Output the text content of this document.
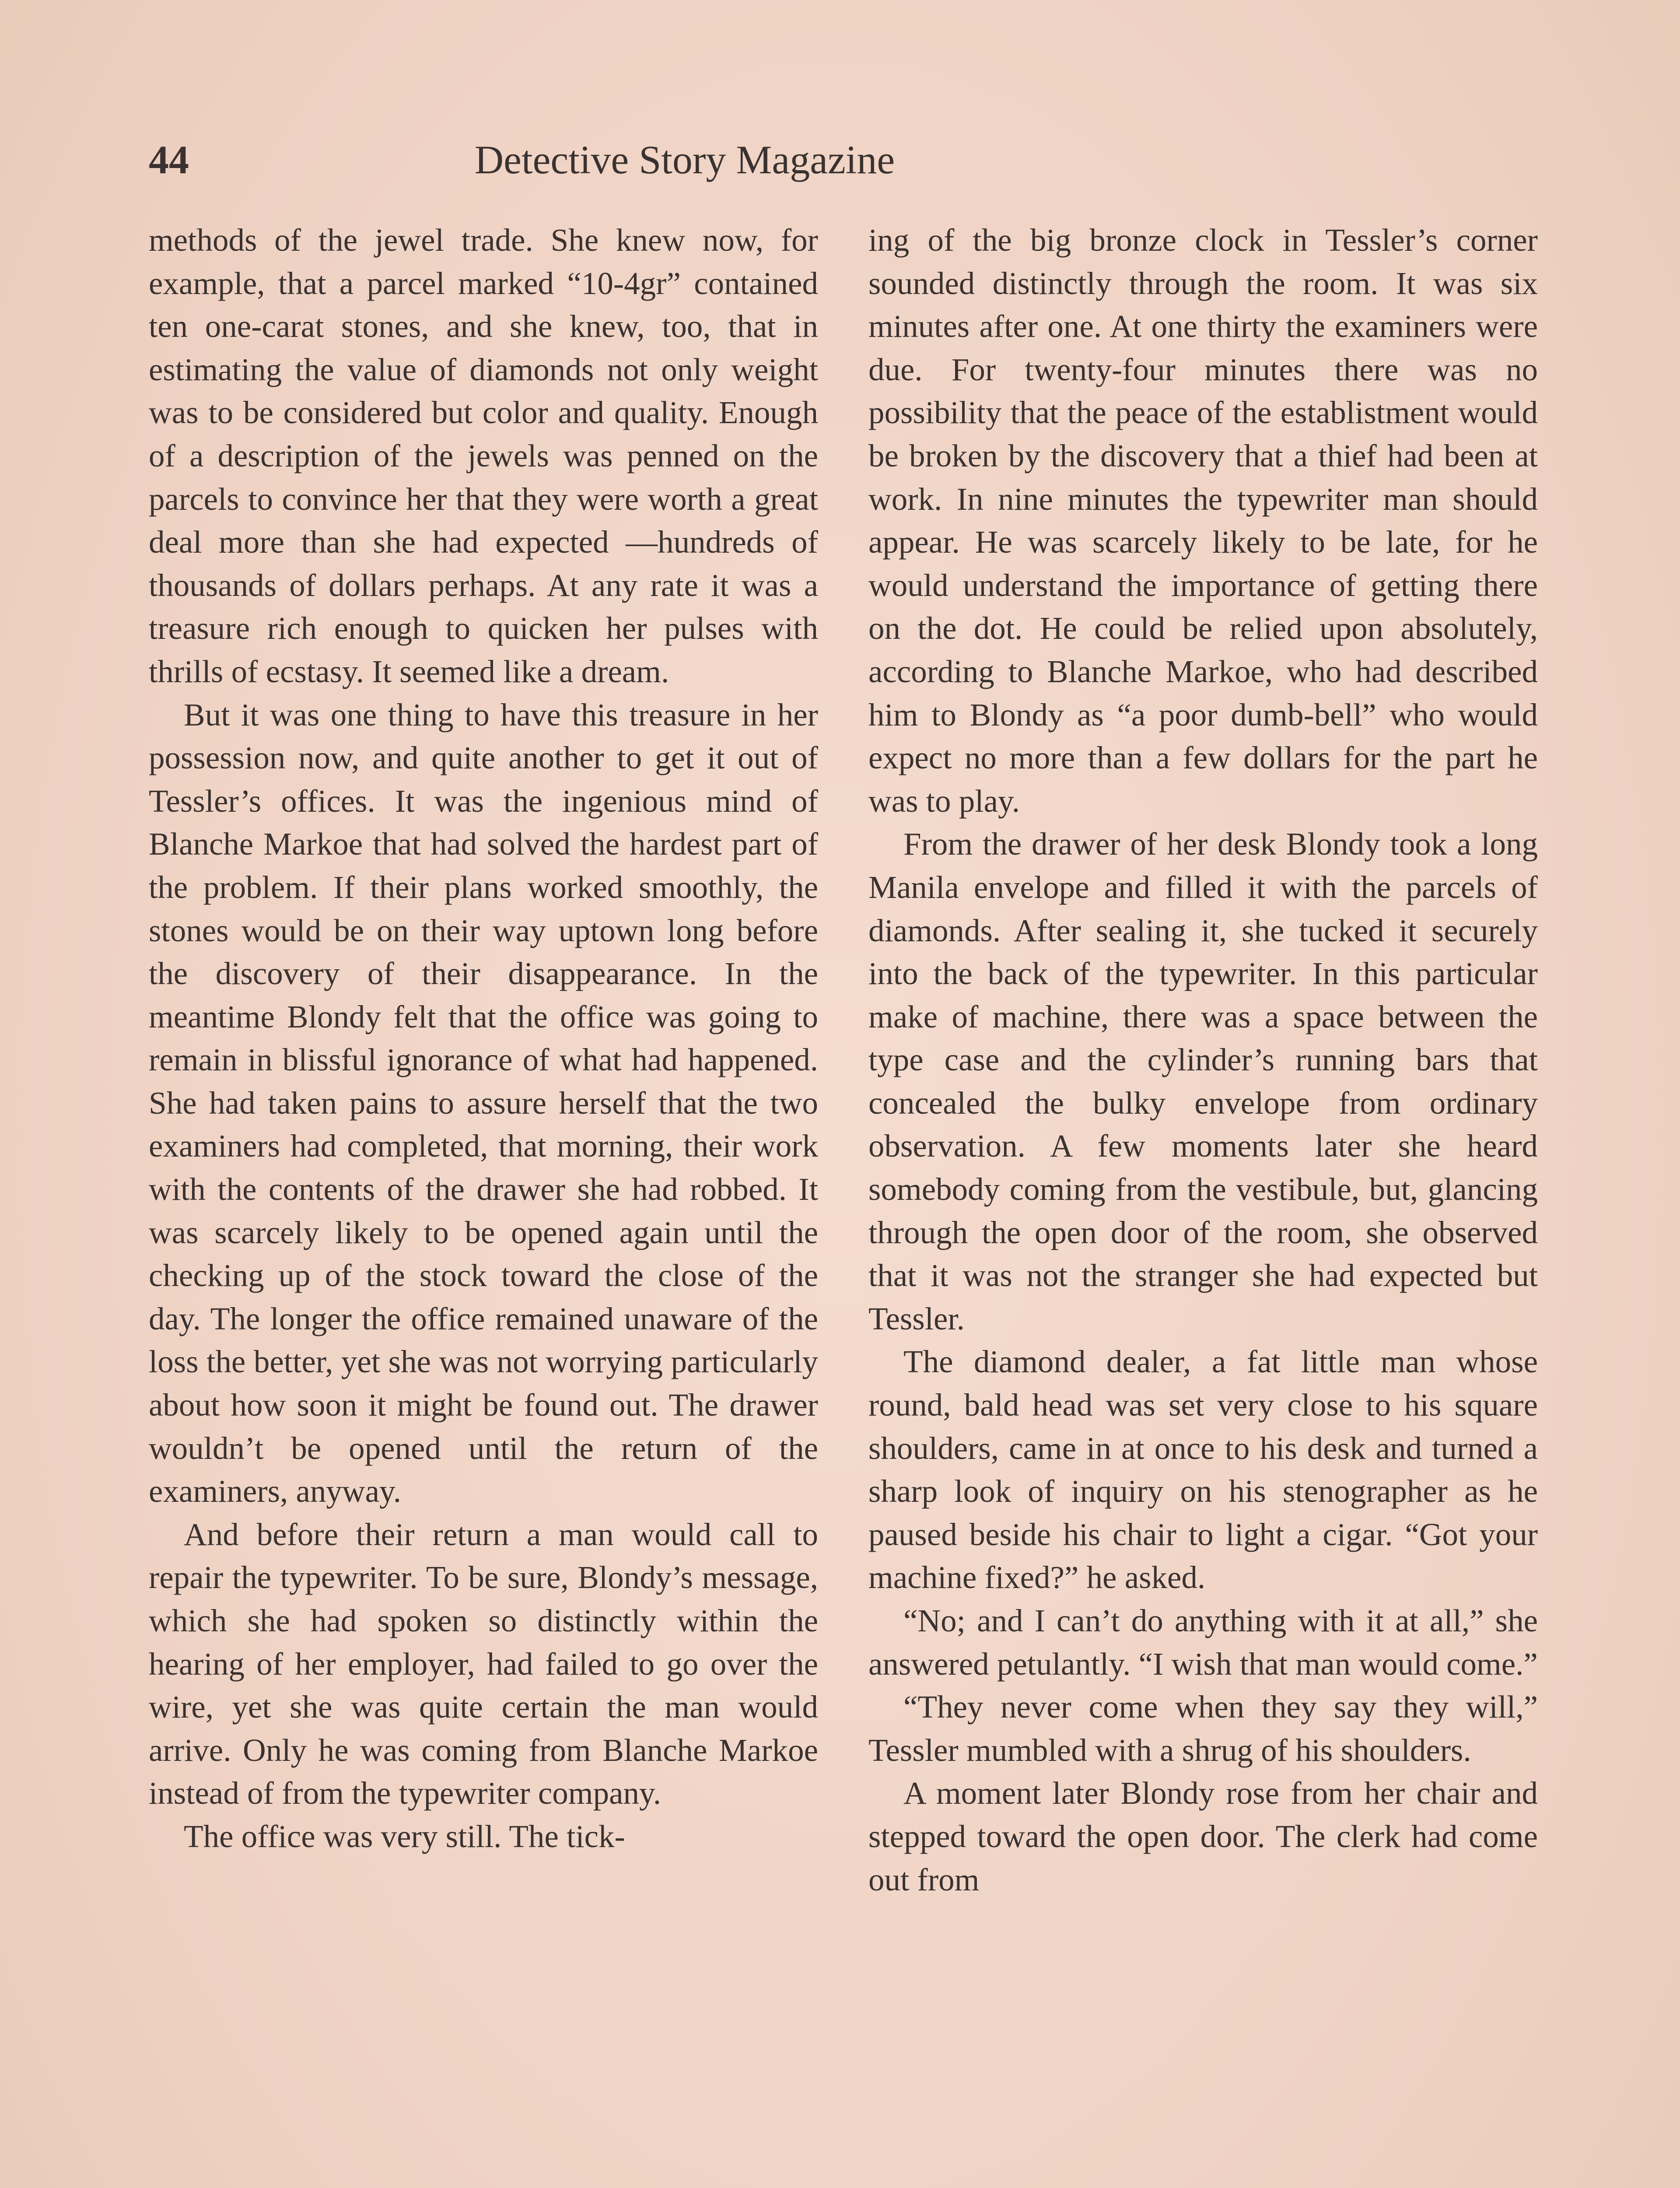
44	Detective Story Magazine

methods of the jewel trade. She knew now, for example, that a parcel marked “10-4gr” contained ten one-carat stones, and she knew, too, that in estimating the value of diamonds not only weight was to be considered but color and quality. Enough of a description of the jewels was penned on the parcels to convince her that they were worth a great deal more than she had expected —hundreds of thousands of dollars perhaps. At any rate it was a treasure rich enough to quicken her pulses with thrills of ecstasy. It seemed like a dream.

But it was one thing to have this treasure in her possession now, and quite another to get it out of Tessler’s offices. It was the ingenious mind of Blanche Markoe that had solved the hardest part of the problem. If their plans worked smoothly, the stones would be on their way uptown long before the discovery of their disappearance. In the meantime Blondy felt that the office was going to remain in blissful ignorance of what had happened. She had taken pains to assure herself that the two examiners had completed, that morning, their work with the contents of the drawer she had robbed. It was scarcely likely to be opened again until the checking up of the stock toward the close of the day. The longer the office remained unaware of the loss the better, yet she was not worrying particularly about how soon it might be found out. The drawer wouldn’t be opened until the return of the examiners, anyway.

And before their return a man would call to repair the typewriter. To be sure, Blondy’s message, which she had spoken so distinctly within the hearing of her employer, had failed to go over the wire, yet she was quite certain the man would arrive. Only he was coming from Blanche Markoe instead of from the typewriter company.

The office was very still. The tick-

ing of the big bronze clock in Tessler’s corner sounded distinctly through the room. It was six minutes after one. At one thirty the examiners were due. For twenty-four minutes there was no possibility that the peace of the establistment would be broken by the discovery that a thief had been at work. In nine minutes the typewriter man should appear. He was scarcely likely to be late, for he would understand the importance of getting there on the dot. He could be relied upon absolutely, according to Blanche Markoe, who had described him to Blondy as “a poor dumb-bell” who would expect no more than a few dollars for the part he was to play.

From the drawer of her desk Blondy took a long Manila envelope and filled it with the parcels of diamonds. After sealing it, she tucked it securely into the back of the typewriter. In this particular make of machine, there was a space between the type case and the cylinder’s running bars that concealed the bulky envelope from ordinary observation. A few moments later she heard somebody coming from the vestibule, but, glancing through the open door of the room, she observed that it was not the stranger she had expected but Tessler.

The diamond dealer, a fat little man whose round, bald head was set very close to his square shoulders, came in at once to his desk and turned a sharp look of inquiry on his stenographer as he paused beside his chair to light a cigar. “Got your machine fixed?” he asked.

“No; and I can’t do anything with it at all,” she answered petulantly. “I wish that man would come.”

“They never come when they say they will,” Tessler mumbled with a shrug of his shoulders.

A moment later Blondy rose from her chair and stepped toward the open door. The clerk had come out from
